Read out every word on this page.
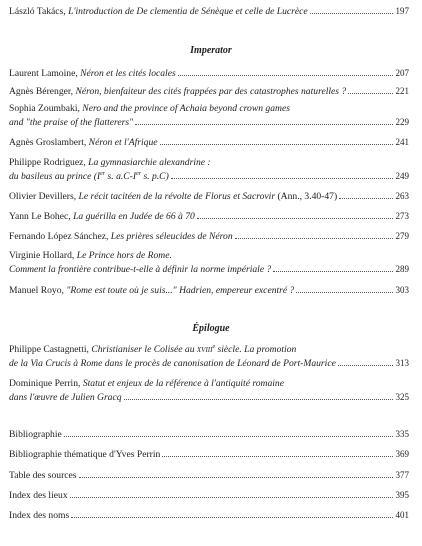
László Takács, L'introduction de De clementia de Sénèque et celle de Lucrèce	197
Imperator
Laurent Lamoine, Néron et les cités locales	207
Agnès Bérenger, Néron, bienfaiteur des cités frappées par des catastrophes naturelles ?	221
Sophia Zoumbaki, Nero and the province of Achaia beyond crown games
and "the praise of the flatterers"	229
Agnès Groslambert, Néron et l'Afrique	241
Philippe Rodriguez, La gymnasiarchie alexandrine :
du basileus au prince (Ier s. a.C-Ier s. p.C)	249
Olivier Devillers, Le récit tacitéen de la révolte de Florus et Sacrovir (Ann., 3.40-47)	263
Yann Le Bohec, La guérilla en Judée de 66 à 70	273
Fernando López Sánchez, Les prières séleucides de Néron	279
Virginie Hollard, Le Prince hors de Rome.
Comment la frontière contribue-t-elle à définir la norme impériale ?	289
Manuel Royo, "Rome est toute où je suis..." Hadrien, empereur excentré ?	303
Épilogue
Philippe Castagnetti, Christianiser le Colisée au xviii$^e$ siècle. La promotion
de la Via Crucis à Rome dans le procès de canonisation de Léonard de Port-Maurice	313
Dominique Perrin, Statut et enjeux de la référence à l'antiquité romaine
dans l'œuvre de Julien Gracq	325
Bibliographie	335
Bibliographie thématique d'Yves Perrin	369
Table des sources	377
Index des lieux	395
Index des noms	401
